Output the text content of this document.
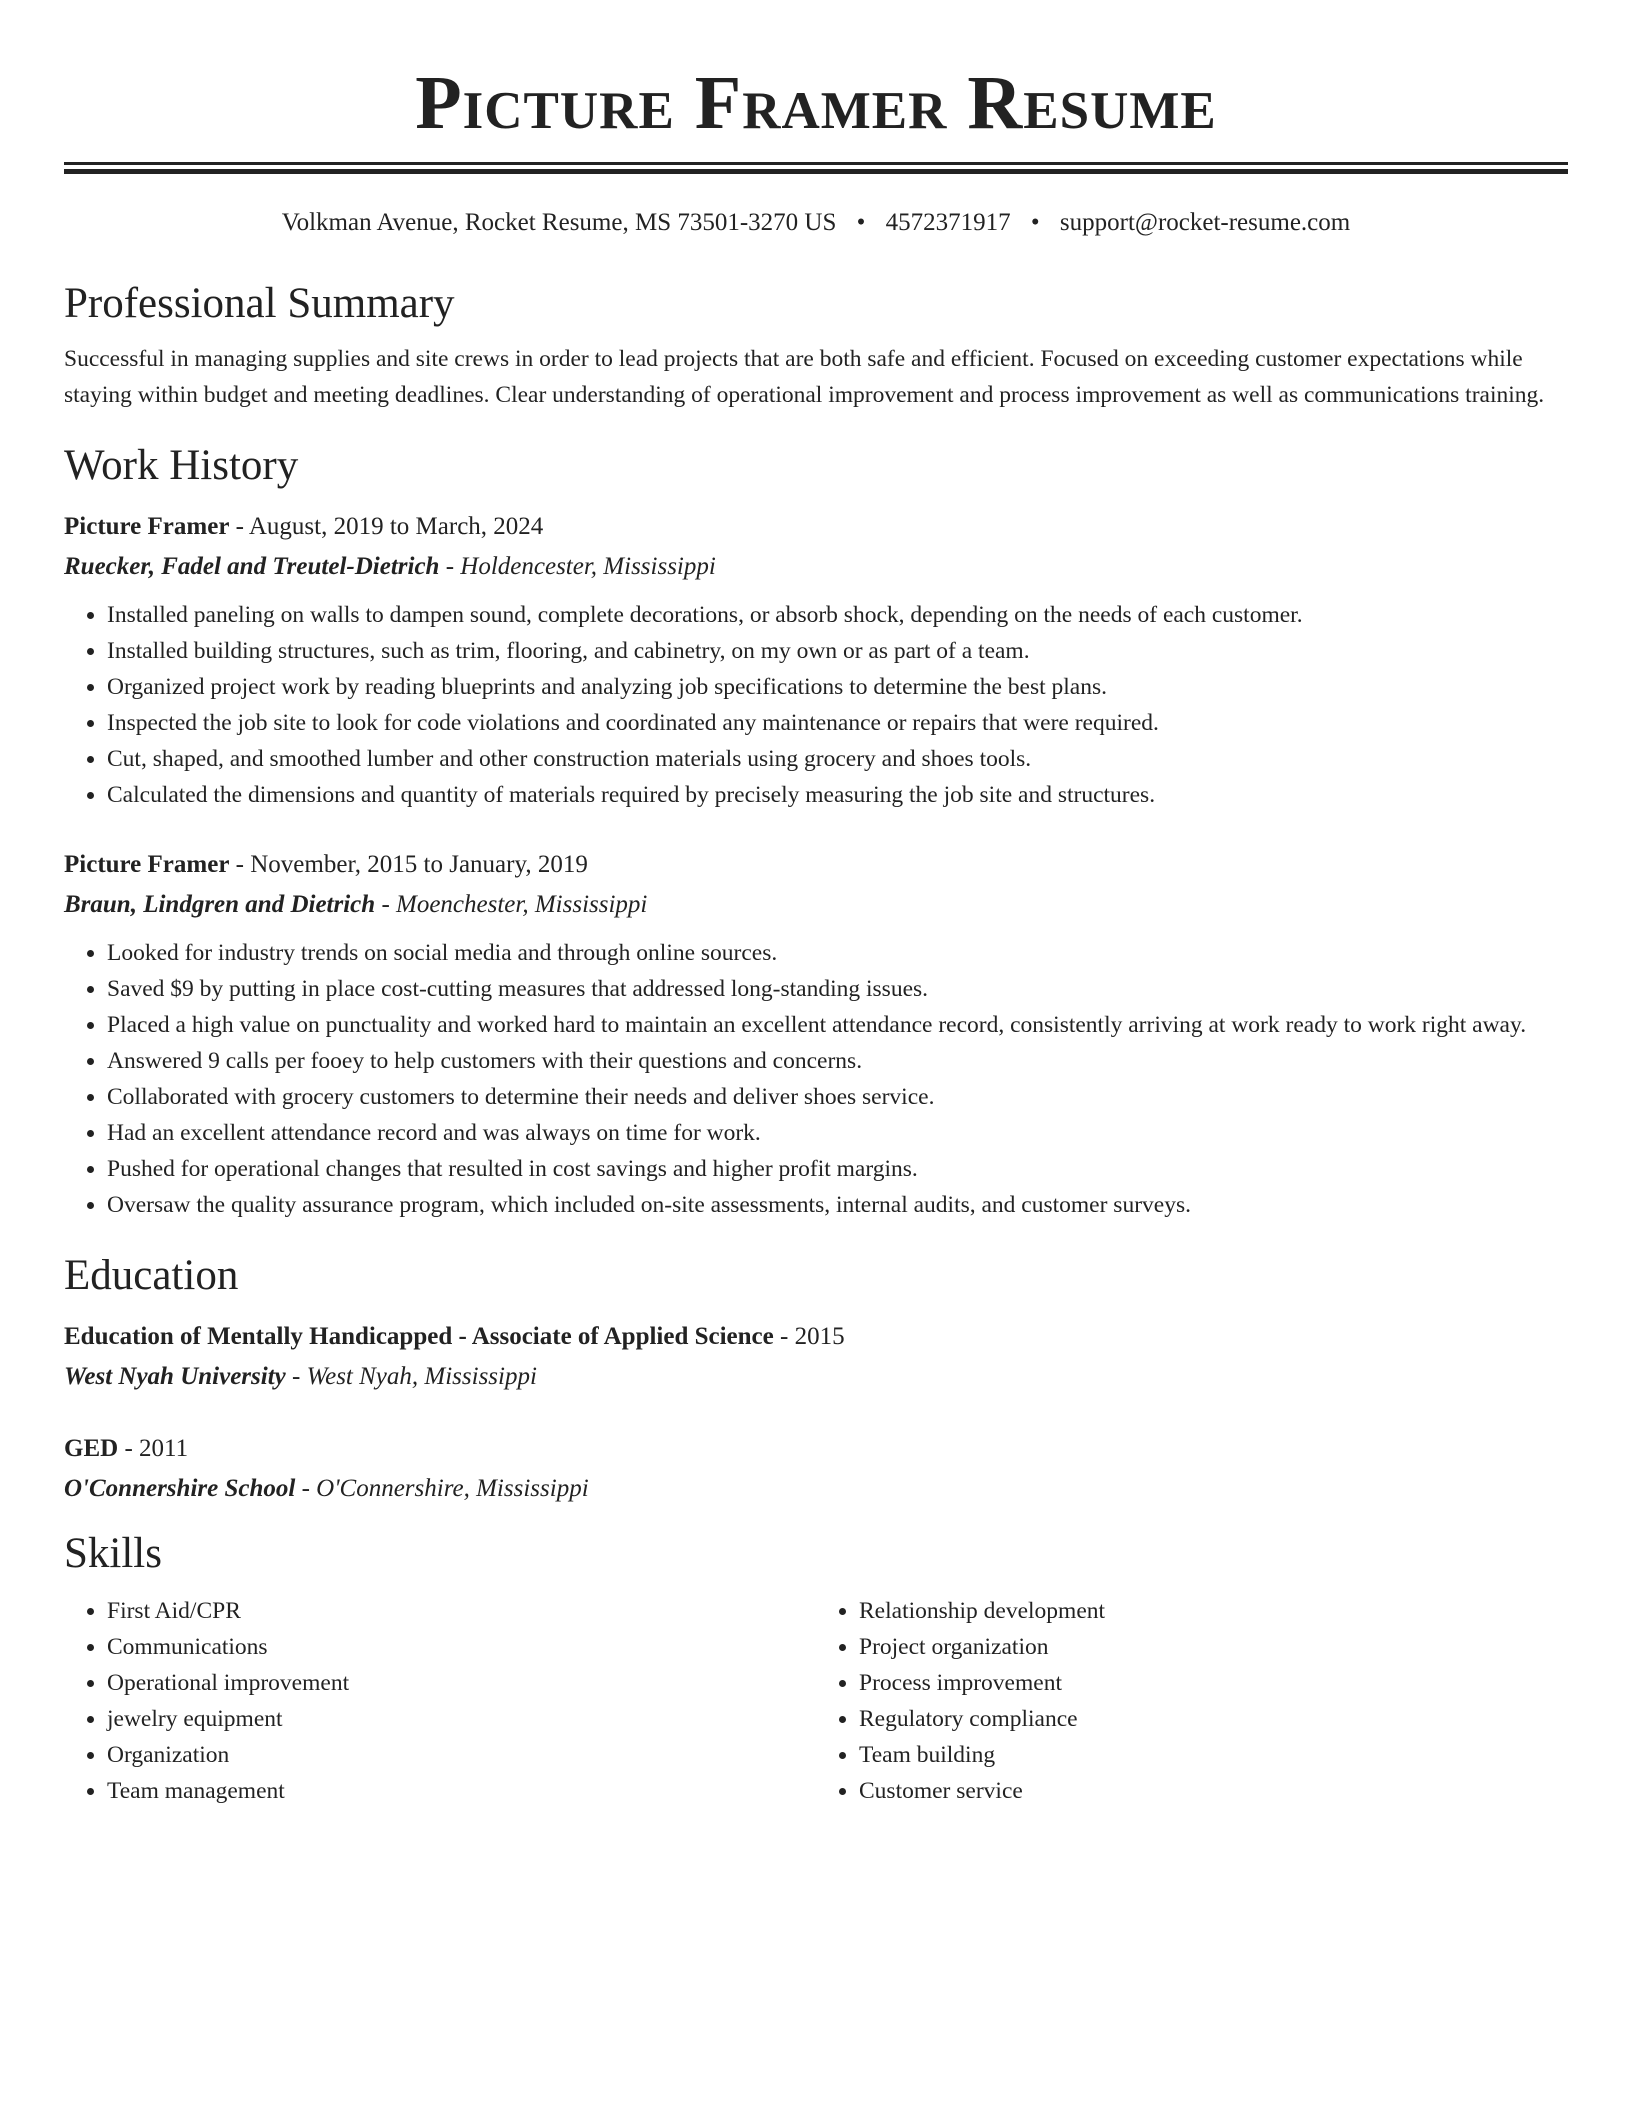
Picture Framer Resume
Volkman Avenue, Rocket Resume, MS 73501-3270 US • 4572371917 • support@rocket-resume.com
Professional Summary

Successful in managing supplies and site crews in order to lead projects that are both safe and efficient. Focused on exceeding customer expectations while staying within budget and meeting deadlines. Clear understanding of operational improvement and process improvement as well as communications training.

Work History
Picture Framer - August, 2019 to March, 2024
Ruecker, Fadel and Treutel-Dietrich - Holdencester, Mississippi
• Installed paneling on walls to dampen sound, complete decorations, or absorb shock, depending on the needs of each customer.
• Installed building structures, such as trim, flooring, and cabinetry, on my own or as part of a team.
• Organized project work by reading blueprints and analyzing job specifications to determine the best plans.
• Inspected the job site to look for code violations and coordinated any maintenance or repairs that were required.
• Cut, shaped, and smoothed lumber and other construction materials using grocery and shoes tools.
• Calculated the dimensions and quantity of materials required by precisely measuring the job site and structures.
Picture Framer - November, 2015 to January, 2019
Braun, Lindgren and Dietrich - Moenchester, Mississippi
• Looked for industry trends on social media and through online sources.
• Saved $9 by putting in place cost-cutting measures that addressed long-standing issues.
• Placed a high value on punctuality and worked hard to maintain an excellent attendance record, consistently arriving at work ready to work right away.
• Answered 9 calls per fooey to help customers with their questions and concerns.
• Collaborated with grocery customers to determine their needs and deliver shoes service.
• Had an excellent attendance record and was always on time for work.
• Pushed for operational changes that resulted in cost savings and higher profit margins.
• Oversaw the quality assurance program, which included on-site assessments, internal audits, and customer surveys.
Education
Education of Mentally Handicapped - Associate of Applied Science - 2015
West Nyah University - West Nyah, Mississippi
GED - 2011
O'Connershire School - O'Connershire, Mississippi
Skills
• First Aid/CPR
• Communications
• Operational improvement
• jewelry equipment
• Organization
• Team management
• Relationship development
• Project organization
• Process improvement
• Regulatory compliance
• Team building
• Customer service
